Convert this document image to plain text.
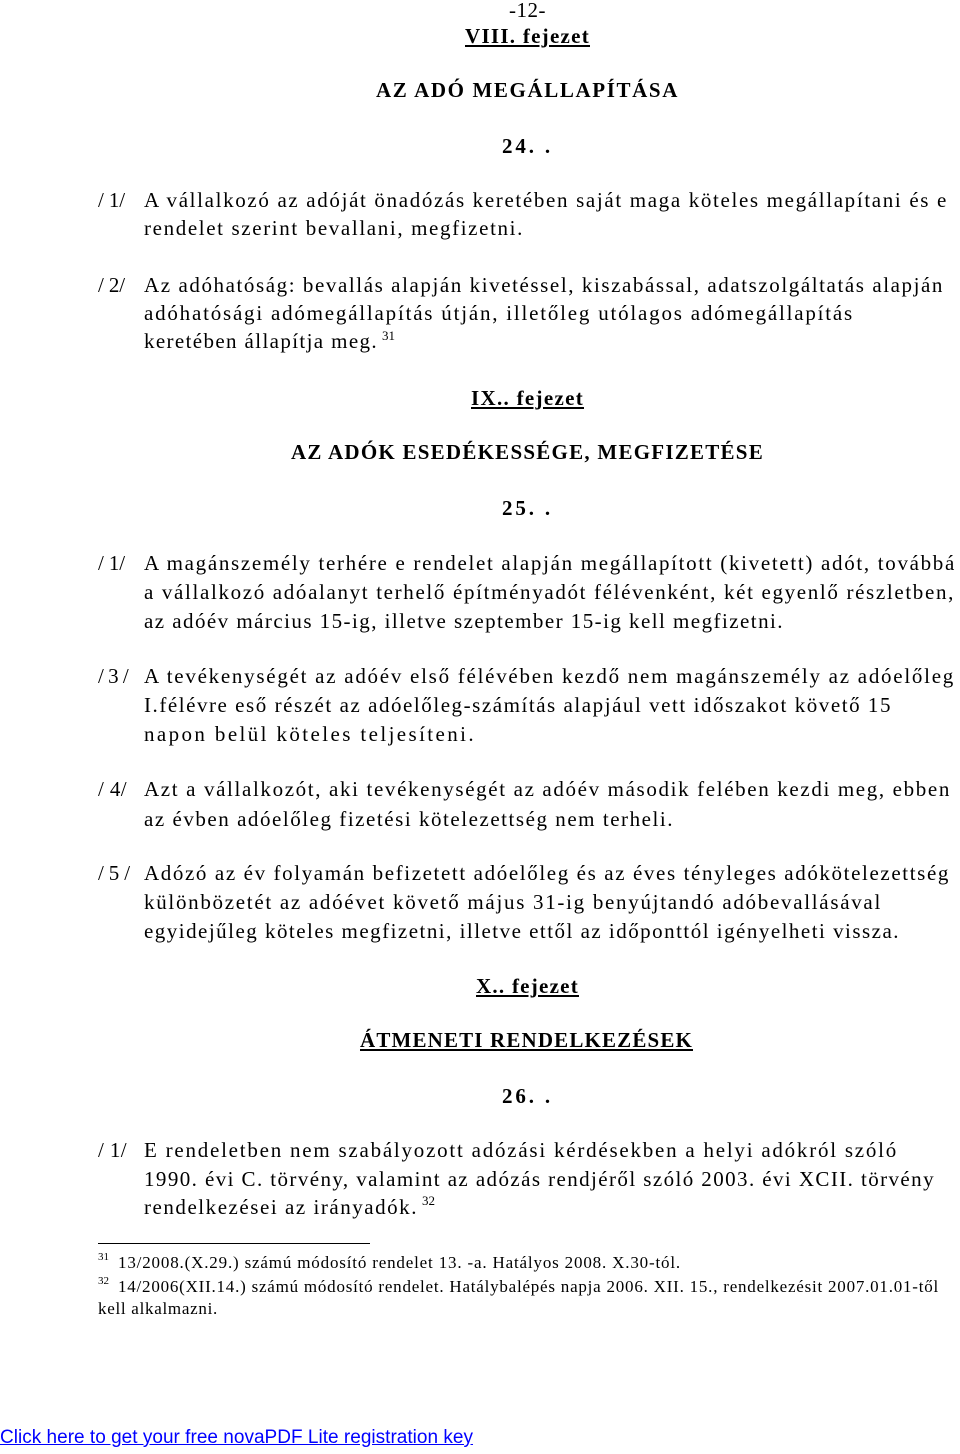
-12-
VIII. fejezet
AZ ADÓ MEGÁLLAPÍTÁSA
24. .
/ 1/ A vállalkozó az adóját önadózás keretében saját maga köteles megállapítani és e
rendelet szerint bevallani, megfizetni.
/ 2/ Az adóhatóság: bevallás alapján kivetéssel, kiszabással, adatszolgáltatás alapján
adóhatósági adómegállapítás útján, illetőleg utólagos adómegállapítás
keretében állapítja meg. 31
IX.. fejezet
AZ ADÓK ESEDÉKESSÉGE, MEGFIZETÉSE
25. .
/ 1/ A magánszemély terhére e rendelet alapján megállapított (kivetett) adót, továbbá
a vállalkozó adóalanyt terhelő építményadót félévenként, két egyenlő részletben,
az adóév március 15-ig, illetve szeptember 15-ig kell megfizetni.
/3/ A tevékenységét az adóév első félévében kezdő nem magánszemély az adóelőleg
I.félévre eső részét az adóelőleg-számítás alapjául vett időszakot követő 15
napon belül köteles teljesíteni.
/ 4/ Azt a vállalkozót, aki tevékenységét az adóév második felében kezdi meg, ebben
az évben adóelőleg fizetési kötelezettség nem terheli.
/5/ Adózó az év folyamán befizetett adóelőleg és az éves tényleges adókötelezettség
különbözetét az adóévet követő május 31-ig benyújtandó adóbevallásával
egyidejűleg köteles megfizetni, illetve ettől az időponttól igényelheti vissza.
X.. fejezet
ÁTMENETI RENDELKEZÉSEK
26. .
/ 1/ E rendeletben nem szabályozott adózási kérdésekben a helyi adókról szóló
1990. évi C. törvény, valamint az adózás rendjéről szóló 2003. évi XCII. törvény
rendelkezései az irányadók. 32
31 13/2008.(X.29.) számú módosító rendelet 13. -a. Hatályos 2008. X.30-tól.
32 14/2006(XII.14.) számú módosító rendelet. Hatálybalépés napja 2006. XII. 15., rendelkezésit 2007.01.01-től
kell alkalmazni.
Click here to get your free novaPDF Lite registration key
